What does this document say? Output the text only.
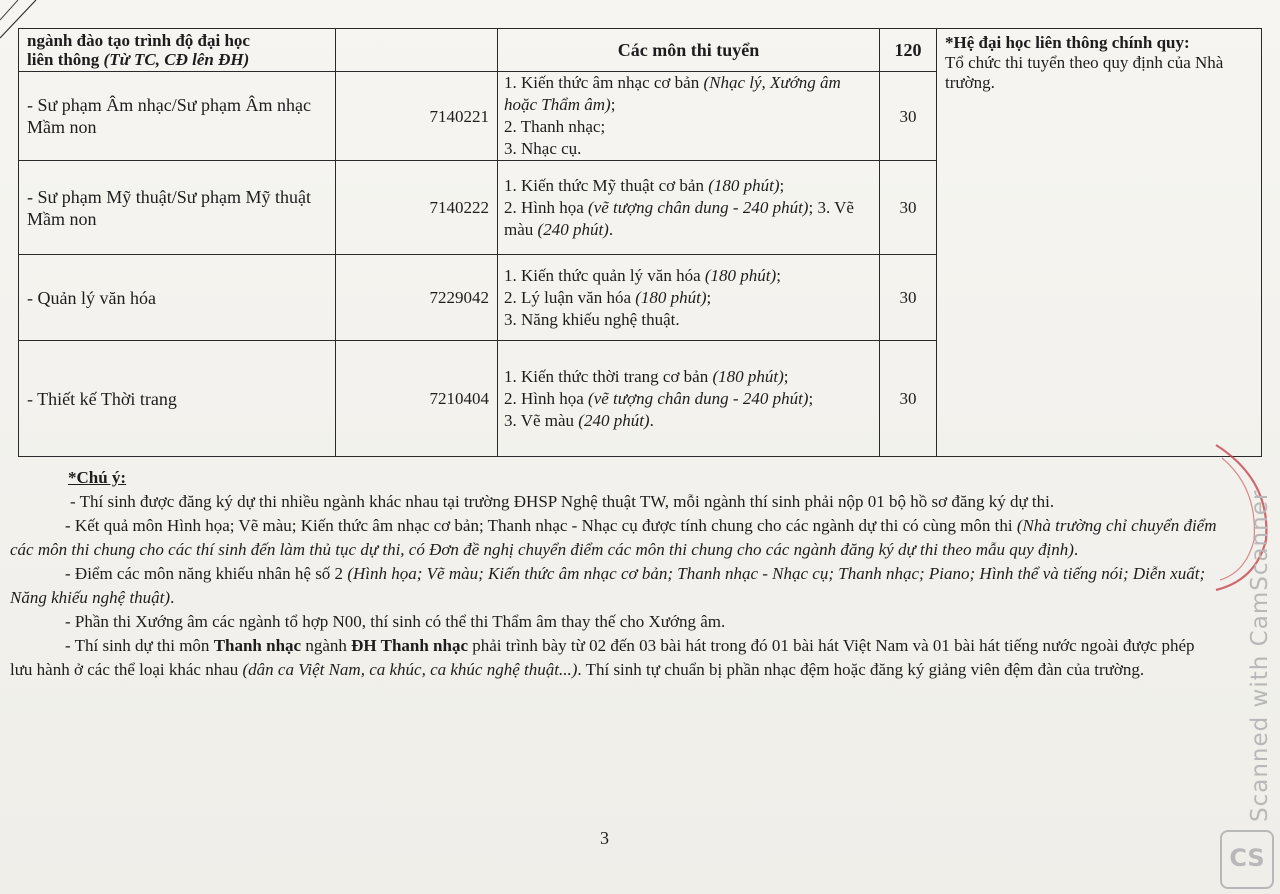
ngành đào tạo trình độ đại học
liên thông (Từ TC, CĐ lên ĐH)		Các môn thi tuyển	120	*Hệ đại học liên thông chính quy:
Tổ chức thi tuyển theo quy định của Nhà trường.
- Sư phạm Âm nhạc/Sư phạm Âm nhạc Mầm non	7140221	1. Kiến thức âm nhạc cơ bản (Nhạc lý, Xướng âm hoặc Thẩm âm);
2. Thanh nhạc;
3. Nhạc cụ.	30	
- Sư phạm Mỹ thuật/Sư phạm Mỹ thuật Mầm non	7140222	1. Kiến thức Mỹ thuật cơ bản (180 phút);
2. Hình họa (vẽ tượng chân dung - 240 phút); 3. Vẽ màu (240 phút).	30	
- Quản lý văn hóa	7229042	1. Kiến thức quản lý văn hóa (180 phút);
2. Lý luận văn hóa (180 phút);
3. Năng khiếu nghệ thuật.	30	
- Thiết kế Thời trang	7210404	1. Kiến thức thời trang cơ bản (180 phút);
2. Hình họa (vẽ tượng chân dung - 240 phút);
3. Vẽ màu (240 phút).	30	

*Chú ý:

- Thí sinh được đăng ký dự thi nhiều ngành khác nhau tại trường ĐHSP Nghệ thuật TW, mỗi ngành thí sinh phải nộp 01 bộ hồ sơ đăng ký dự thi.

- Kết quả môn Hình họa; Vẽ màu; Kiến thức âm nhạc cơ bản; Thanh nhạc - Nhạc cụ được tính chung cho các ngành dự thi có cùng môn thi (Nhà trường chỉ chuyển điểm các môn thi chung cho các thí sinh đến làm thủ tục dự thi, có Đơn đề nghị chuyển điểm các môn thi chung cho các ngành đăng ký dự thi theo mẫu quy định).

- Điểm các môn năng khiếu nhân hệ số 2 (Hình họa; Vẽ màu; Kiến thức âm nhạc cơ bản; Thanh nhạc - Nhạc cụ; Thanh nhạc; Piano; Hình thể và tiếng nói; Diễn xuất; Năng khiếu nghệ thuật).

- Phần thi Xướng âm các ngành tổ hợp N00, thí sinh có thể thi Thẩm âm thay thế cho Xướng âm.

- Thí sinh dự thi môn Thanh nhạc ngành ĐH Thanh nhạc phải trình bày từ 02 đến 03 bài hát trong đó 01 bài hát Việt Nam và 01 bài hát tiếng nước ngoài được phép lưu hành ở các thể loại khác nhau (dân ca Việt Nam, ca khúc, ca khúc nghệ thuật...). Thí sinh tự chuẩn bị phần nhạc đệm hoặc đăng ký giảng viên đệm đàn của trường.

3
Scanned with CamScanner
CS
